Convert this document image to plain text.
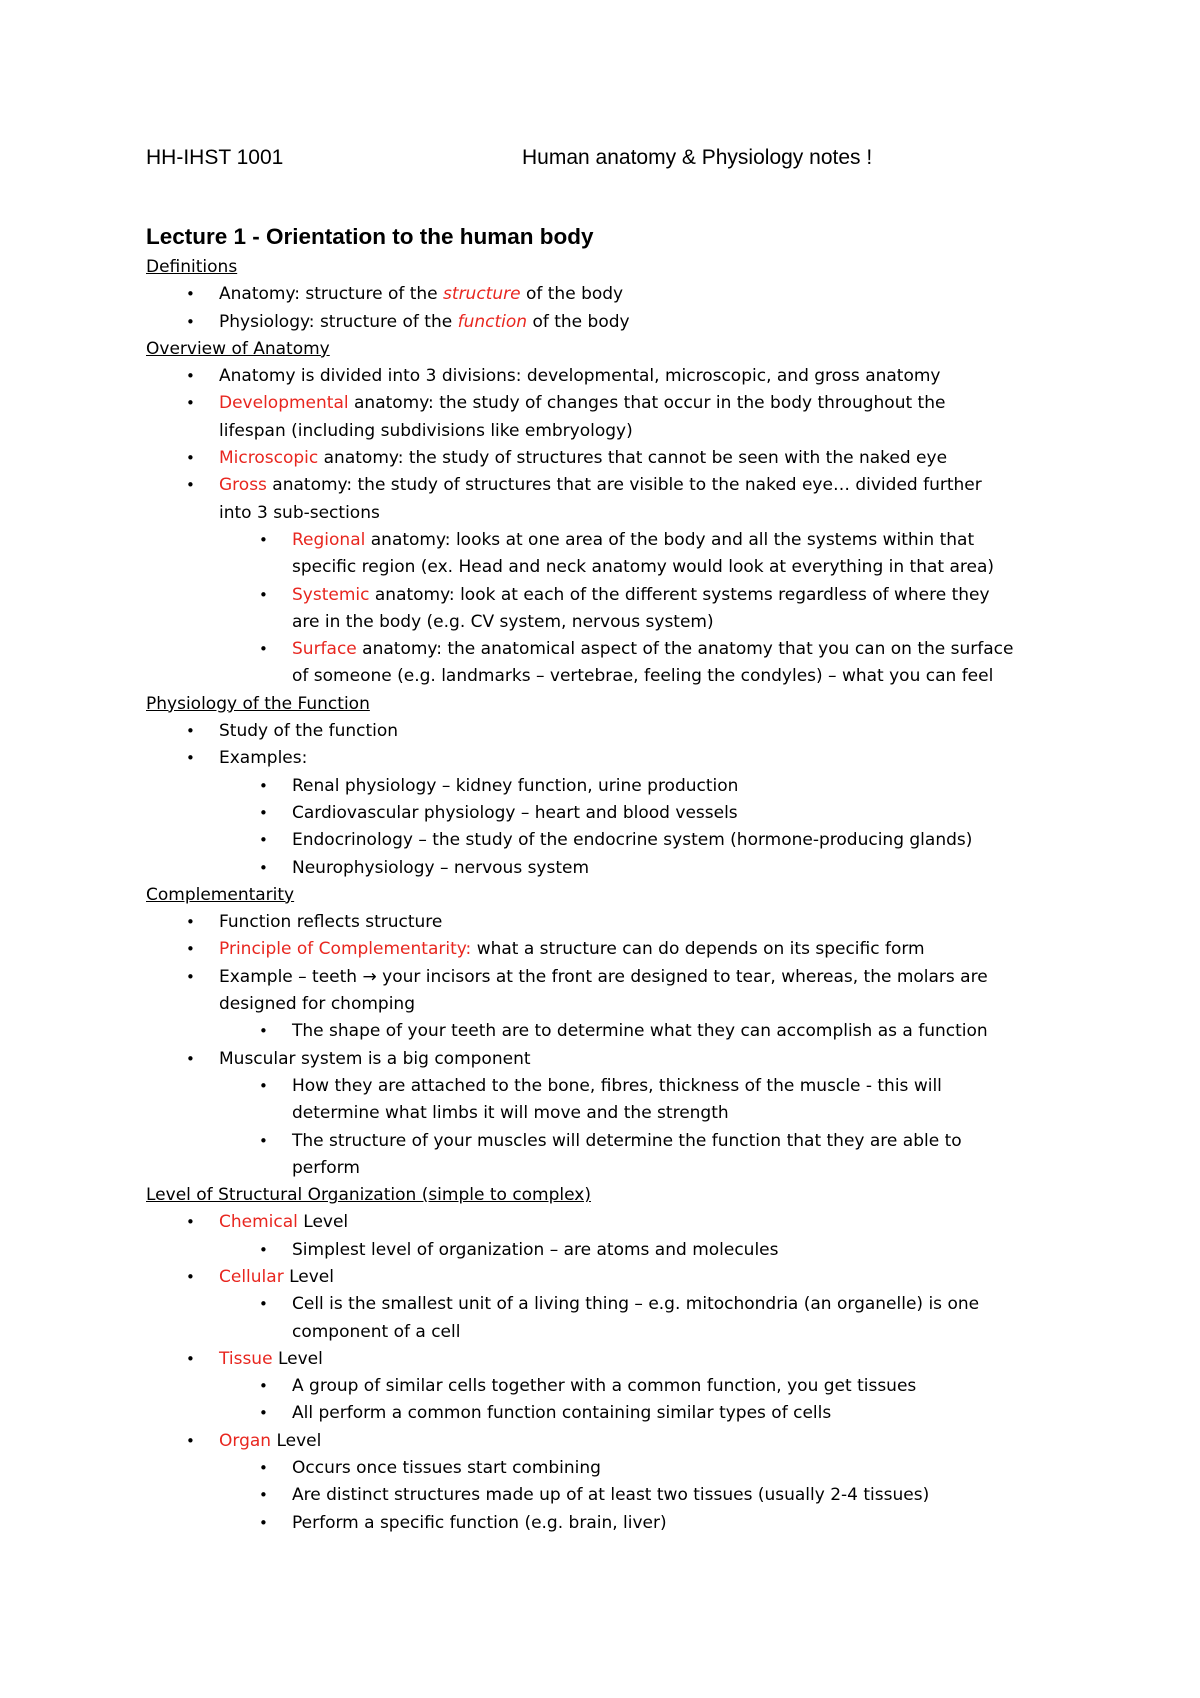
HH-IHST 1001	Human anatomy & Physiology notes !
Lecture 1 - Orientation to the human body
Definitions
• Anatomy: structure of the structure of the body
• Physiology: structure of the function of the body
Overview of Anatomy
• Anatomy is divided into 3 divisions: developmental, microscopic, and gross anatomy
• Developmental anatomy: the study of changes that occur in the body throughout the
lifespan (including subdivisions like embryology)
• Microscopic anatomy: the study of structures that cannot be seen with the naked eye
• Gross anatomy: the study of structures that are visible to the naked eye… divided further
into 3 sub-sections
• Regional anatomy: looks at one area of the body and all the systems within that
specific region (ex. Head and neck anatomy would look at everything in that area)
• Systemic anatomy: look at each of the different systems regardless of where they
are in the body (e.g. CV system, nervous system)
• Surface anatomy: the anatomical aspect of the anatomy that you can on the surface
of someone (e.g. landmarks – vertebrae, feeling the condyles) – what you can feel
Physiology of the Function
• Study of the function
• Examples:
• Renal physiology – kidney function, urine production
• Cardiovascular physiology – heart and blood vessels
• Endocrinology – the study of the endocrine system (hormone-producing glands)
• Neurophysiology – nervous system
Complementarity
• Function reflects structure
• Principle of Complementarity: what a structure can do depends on its specific form
• Example – teeth → your incisors at the front are designed to tear, whereas, the molars are
designed for chomping
• The shape of your teeth are to determine what they can accomplish as a function
• Muscular system is a big component
• How they are attached to the bone, fibres, thickness of the muscle - this will
determine what limbs it will move and the strength
• The structure of your muscles will determine the function that they are able to
perform
Level of Structural Organization (simple to complex)
• Chemical Level
• Simplest level of organization – are atoms and molecules
• Cellular Level
• Cell is the smallest unit of a living thing – e.g. mitochondria (an organelle) is one
component of a cell
• Tissue Level
• A group of similar cells together with a common function, you get tissues
• All perform a common function containing similar types of cells
• Organ Level
• Occurs once tissues start combining
• Are distinct structures made up of at least two tissues (usually 2-4 tissues)
• Perform a specific function (e.g. brain, liver)
